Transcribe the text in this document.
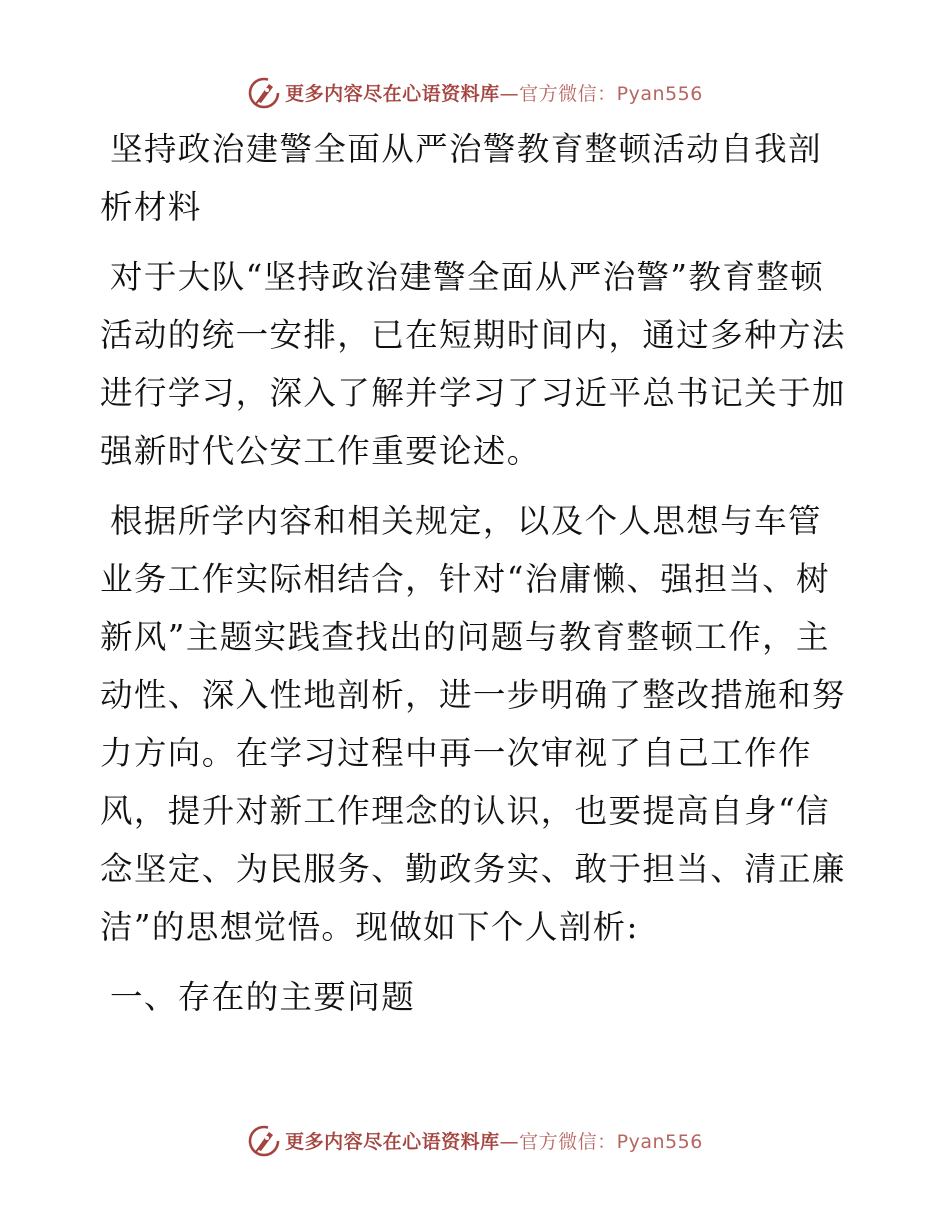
更多内容尽在心语资料库—官方微信：Pyan556

坚持政治建警全面从严治警教育整顿活动自我剖析材料

对于大队“坚持政治建警全面从严治警”教育整顿活动的统一安排，已在短期时间内，通过多种方法进行学习，深入了解并学习了习近平总书记关于加强新时代公安工作重要论述。

根据所学内容和相关规定，以及个人思想与车管业务工作实际相结合，针对“治庸懒、强担当、树新风”主题实践查找出的问题与教育整顿工作，主动性、深入性地剖析，进一步明确了整改措施和努力方向。在学习过程中再一次审视了自己工作作风，提升对新工作理念的认识，也要提高自身“信念坚定、为民服务、勤政务实、敢于担当、清正廉洁”的思想觉悟。现做如下个人剖析:

一、存在的主要问题

更多内容尽在心语资料库—官方微信：Pyan556
